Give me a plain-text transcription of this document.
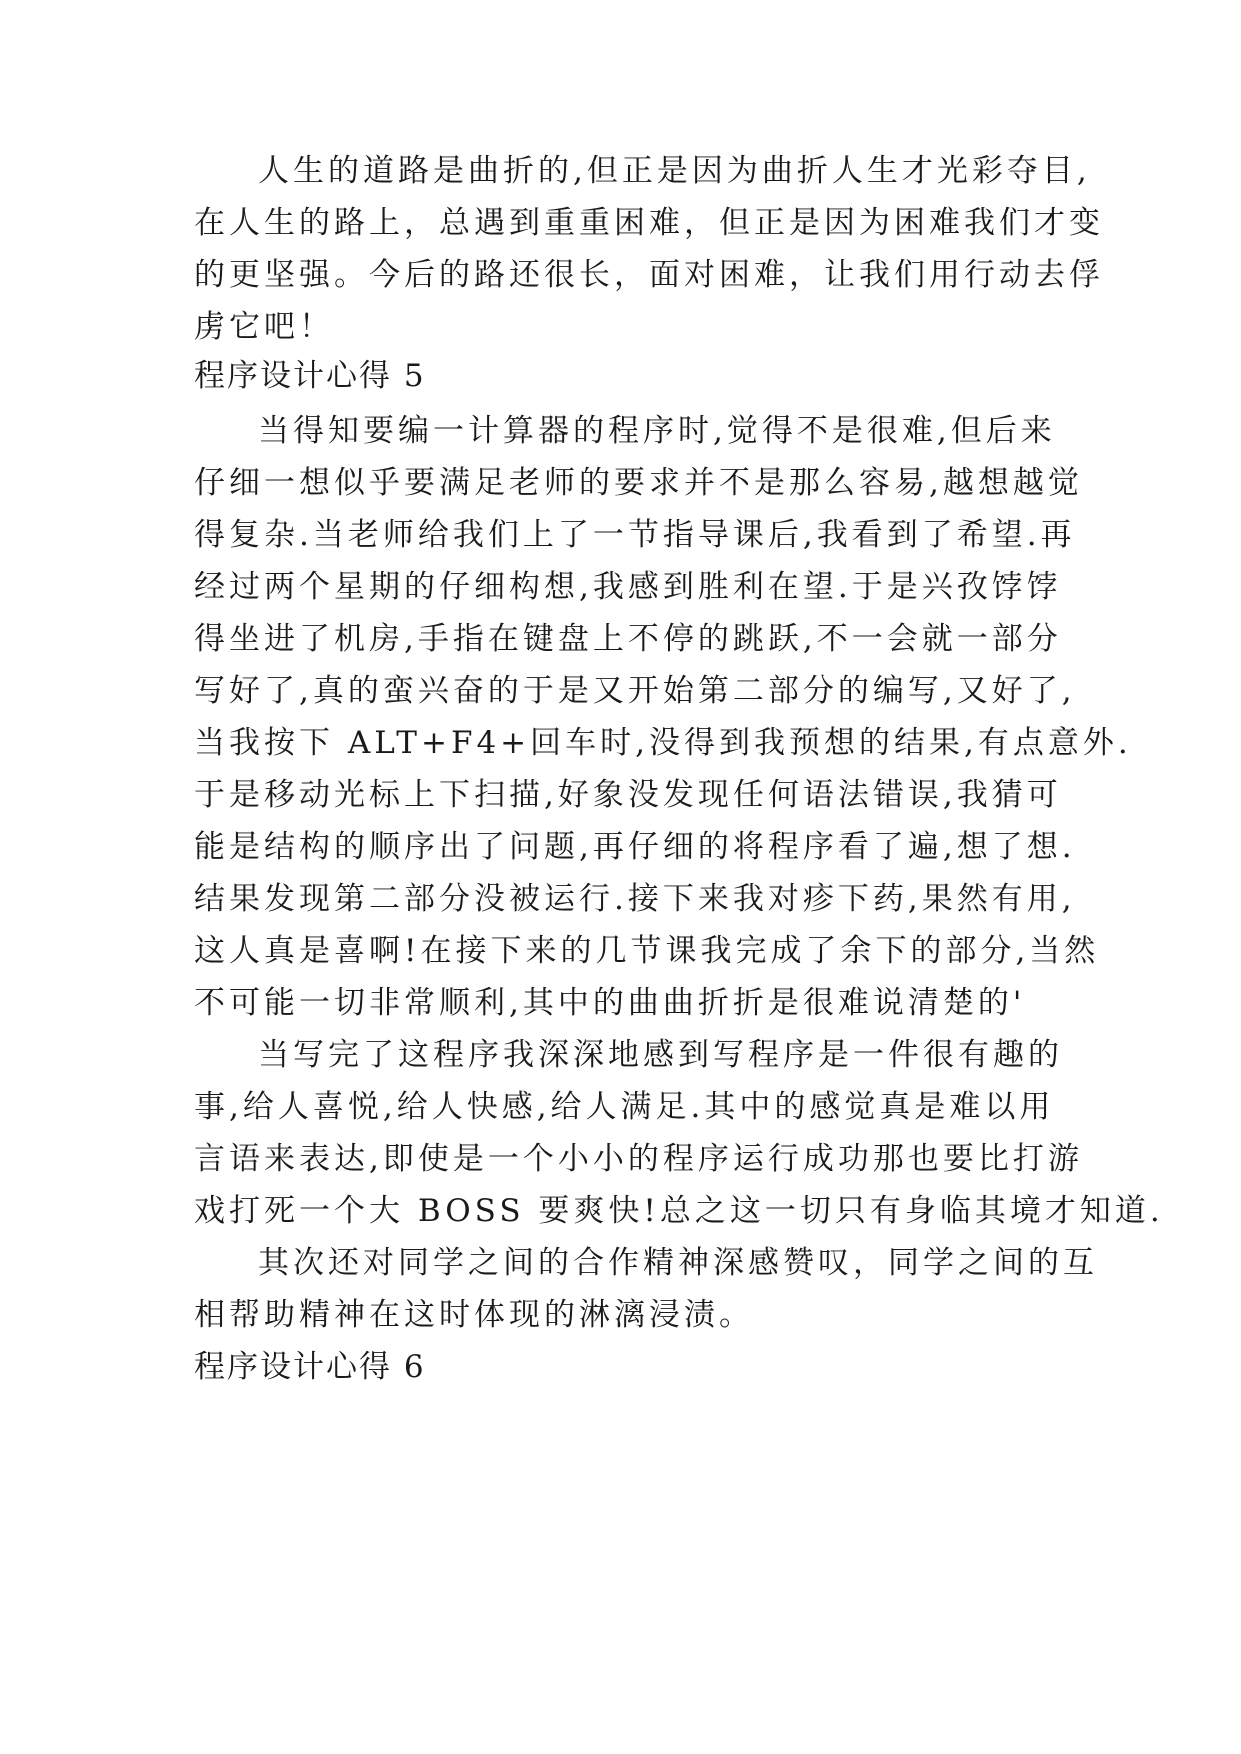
人生的道路是曲折的,但正是因为曲折人生才光彩夺目,
在人生的路上，总遇到重重困难，但正是因为困难我们才变
的更坚强。今后的路还很长，面对困难，让我们用行动去俘
虏它吧！
程序设计心得 5
当得知要编一计算器的程序时,觉得不是很难,但后来
仔细一想似乎要满足老师的要求并不是那么容易,越想越觉
得复杂.当老师给我们上了一节指导课后,我看到了希望.再
经过两个星期的仔细构想,我感到胜利在望.于是兴孜饽饽
得坐进了机房,手指在键盘上不停的跳跃,不一会就一部分
写好了,真的蛮兴奋的于是又开始第二部分的编写,又好了,
当我按下 ALT+F4+回车时,没得到我预想的结果,有点意外.
于是移动光标上下扫描,好象没发现任何语法错误,我猜可
能是结构的顺序出了问题,再仔细的将程序看了遍,想了想.
结果发现第二部分没被运行.接下来我对疹下药,果然有用,
这人真是喜啊!在接下来的几节课我完成了余下的部分,当然
不可能一切非常顺利,其中的曲曲折折是很难说清楚的'
当写完了这程序我深深地感到写程序是一件很有趣的
事,给人喜悦,给人快感,给人满足.其中的感觉真是难以用
言语来表达,即使是一个小小的程序运行成功那也要比打游
戏打死一个大 BOSS 要爽快!总之这一切只有身临其境才知道.
其次还对同学之间的合作精神深感赞叹，同学之间的互
相帮助精神在这时体现的淋漓浸渍。
程序设计心得 6
